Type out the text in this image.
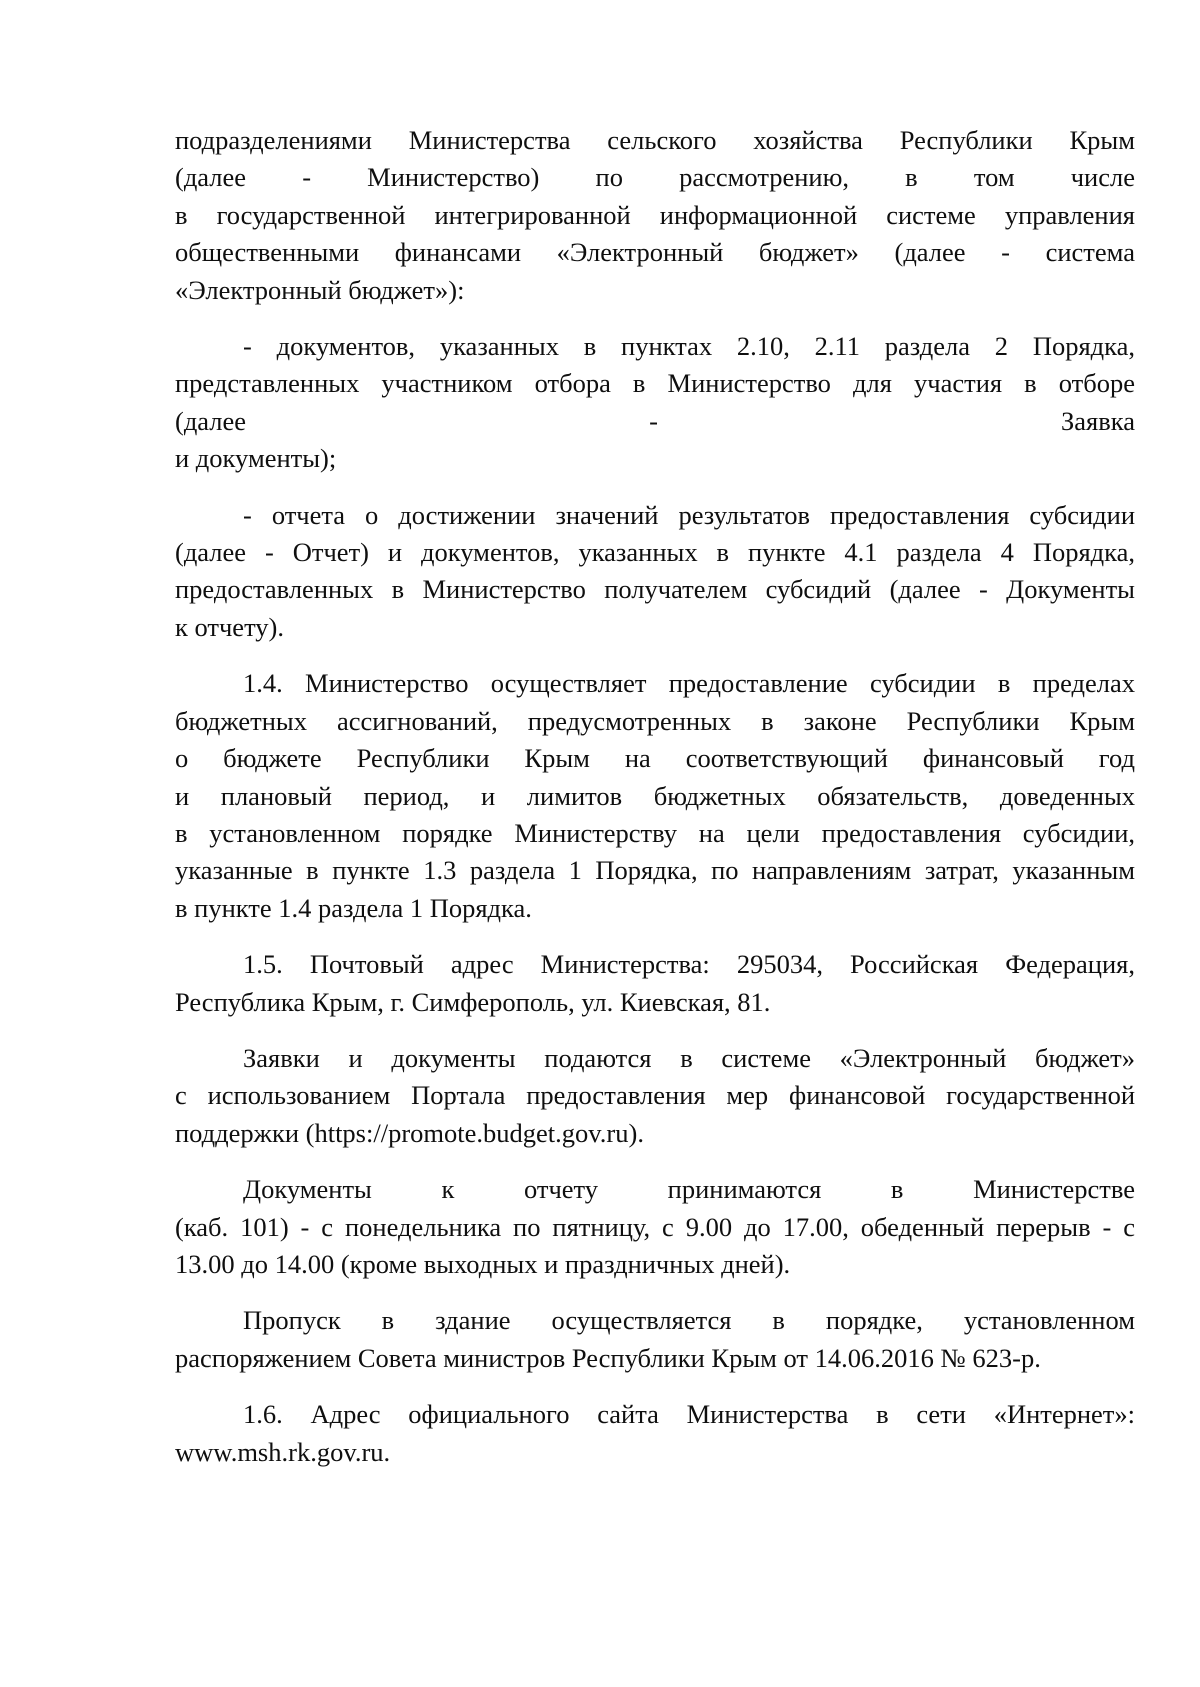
подразделениями Министерства сельского хозяйства Республики Крым
(далее - Министерство) по рассмотрению, в том числе
в государственной интегрированной информационной системе управления
общественными финансами «Электронный бюджет» (далее - система
«Электронный бюджет»):
- документов, указанных в пунктах 2.10, 2.11 раздела 2 Порядка,
представленных участником отбора в Министерство для участия в отборе
(далее - Заявка
и документы);
- отчета о достижении значений результатов предоставления субсидии
(далее - Отчет) и документов, указанных в пункте 4.1 раздела 4 Порядка,
предоставленных в Министерство получателем субсидий (далее - Документы
к отчету).
1.4. Министерство осуществляет предоставление субсидии в пределах
бюджетных ассигнований, предусмотренных в законе Республики Крым
о бюджете Республики Крым на соответствующий финансовый год
и плановый период, и лимитов бюджетных обязательств, доведенных
в установленном порядке Министерству на цели предоставления субсидии,
указанные в пункте 1.3 раздела 1 Порядка, по направлениям затрат, указанным
в пункте 1.4 раздела 1 Порядка.
1.5. Почтовый адрес Министерства: 295034, Российская Федерация,
Республика Крым, г. Симферополь, ул. Киевская, 81.
Заявки и документы подаются в системе «Электронный бюджет»
с использованием Портала предоставления мер финансовой государственной
поддержки (https://promote.budget.gov.ru).
Документы к отчету принимаются в Министерстве
(каб. 101) - с понедельника по пятницу, с 9.00 до 17.00, обеденный перерыв - с
13.00 до 14.00 (кроме выходных и праздничных дней).
Пропуск в здание осуществляется в порядке, установленном
распоряжением Совета министров Республики Крым от 14.06.2016 № 623-р.
1.6. Адрес официального сайта Министерства в сети «Интернет»:
www.msh.rk.gov.ru.
